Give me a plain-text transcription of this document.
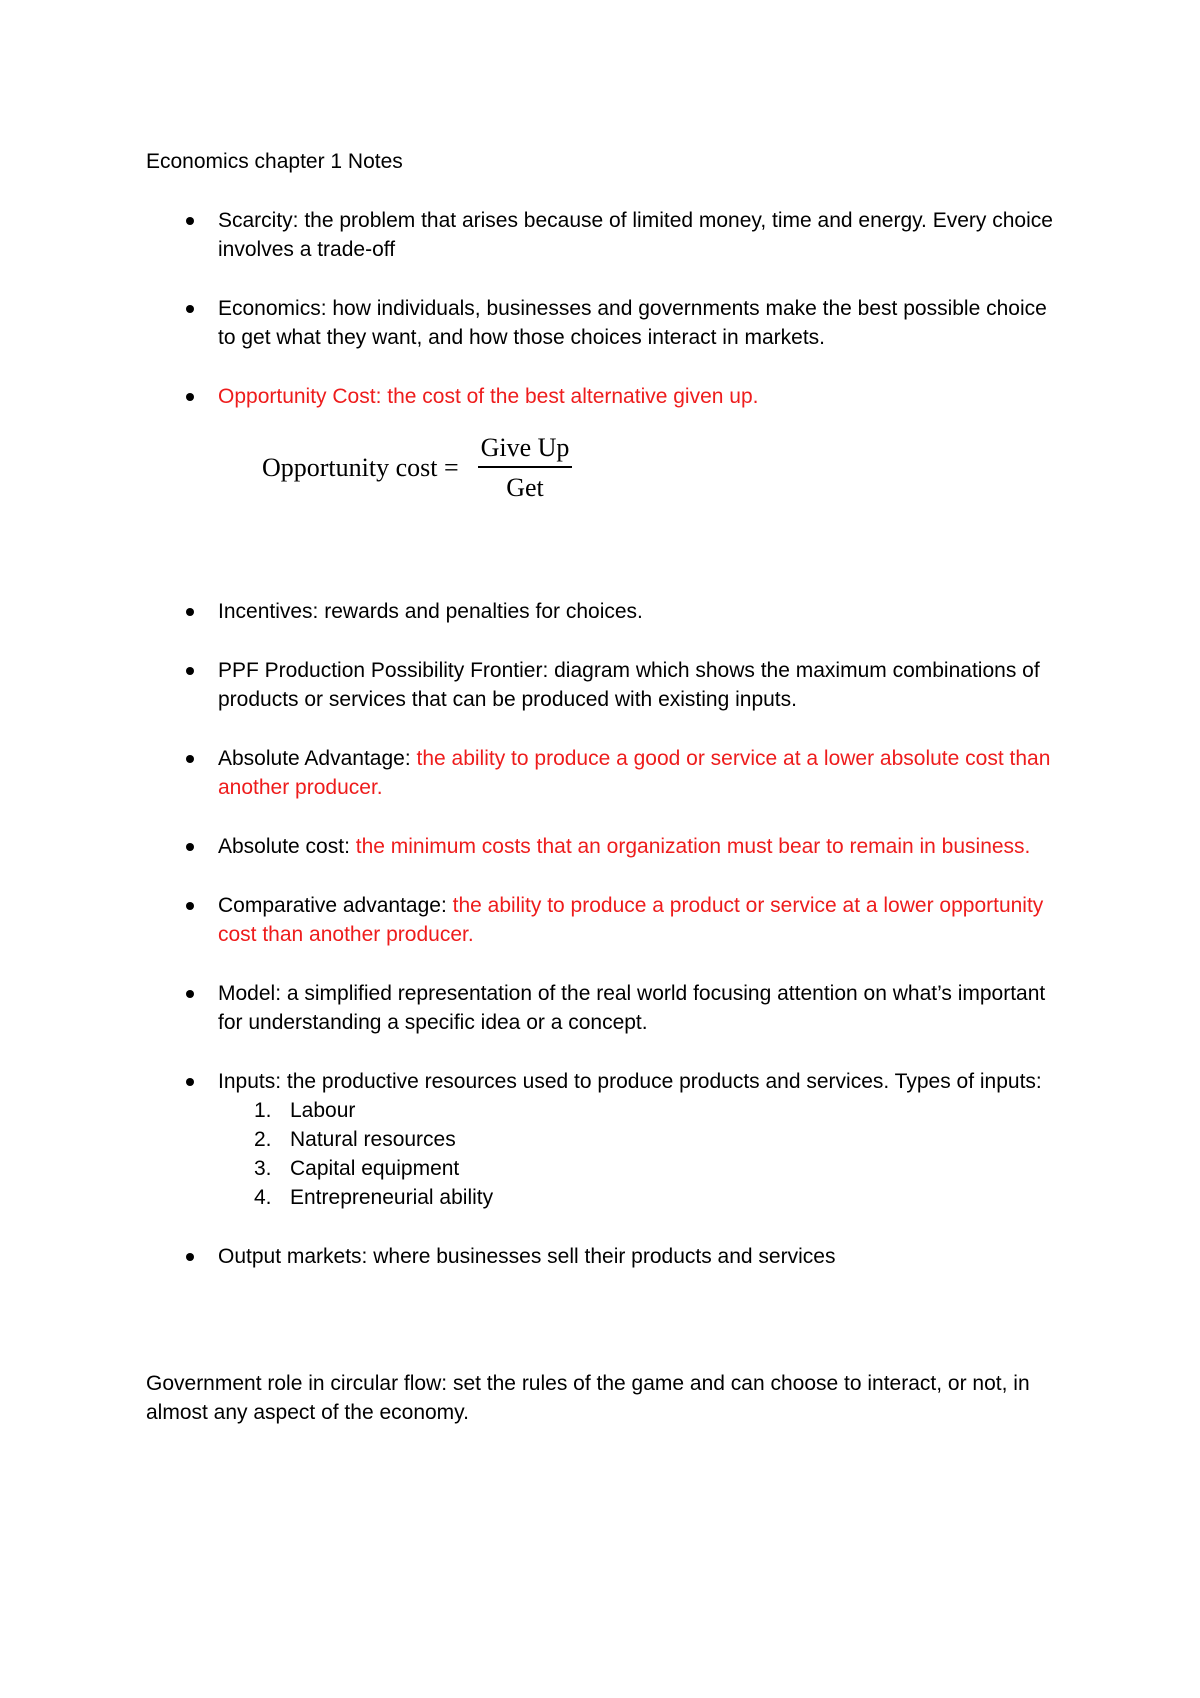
Economics chapter 1 Notes
Scarcity: the problem that arises because of limited money, time and energy. Every choice involves a trade-off
Economics: how individuals, businesses and governments make the best possible choice to get what they want, and how those choices interact in markets.
Opportunity Cost: the cost of the best alternative given up.
Opportunity cost =
Give Up
Get
Incentives: rewards and penalties for choices.
PPF Production Possibility Frontier: diagram which shows the maximum combinations of products or services that can be produced with existing inputs.
Absolute Advantage: the ability to produce a good or service at a lower absolute cost than another producer.
Absolute cost: the minimum costs that an organization must bear to remain in business.
Comparative advantage: the ability to produce a product or service at a lower opportunity cost than another producer.
Model: a simplified representation of the real world focusing attention on what’s important for understanding a specific idea or a concept.
Inputs: the productive resources used to produce products and services. Types of inputs:
1. Labour
2. Natural resources
3. Capital equipment
4. Entrepreneurial ability
Output markets: where businesses sell their products and services
Government role in circular flow: set the rules of the game and can choose to interact, or not, in almost any aspect of the economy.
